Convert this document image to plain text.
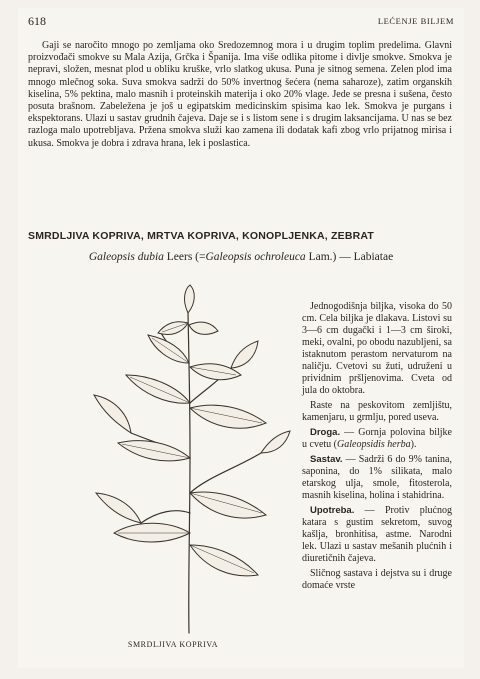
618	LEĆENJE BILJEM

Gaji se naročito mnogo po zemljama oko Sredozemnog mora i u drugim toplim predelima. Glavni proizvođači smokve su Mala Azija, Grčka i Španija. Ima više odlika pitome i divlje smokve. Smokva je nepravi, složen, mesnat plod u obliku kruške, vrlo slatkog ukusa. Puna je sitnog semena. Zelen plod ima mnogo mlečnog soka. Suva smokva sadrži do 50% invertnog šećera (nema saharoze), zatim organskih kiselina, 5% pektina, malo masnih i proteinskih materija i oko 20% vlage. Jede se presna i sušena, često posuta brašnom. Zabeležena je još u egipatskim medicinskim spisima kao lek. Smokva je purgans i ekspektorans. Ulazi u sastav grudnih čajeva. Daje se i s listom sene i s drugim laksancijama. U nas se bez razloga malo upotrebljava. Pržena smokva služi kao zamena ili dodatak kafi zbog vrlo prijatnog mirisa i ukusa. Smokva je dobra i zdrava hrana, lek i poslastica.

SMRDLJIVA KOPRIVA, MRTVA KOPRIVA, KONOPLJENKA, ZEBRAT
Galeopsis dubia Leers (=Galeopsis ochroleuca Lam.) — Labiatae
SMRDLJIVA KOPRIVA

Jednogodišnja biljka, visoka do 50 cm. Cela biljka je dlakava. Listovi su 3—6 cm dugački i 1—3 cm široki, meki, ovalni, po obodu nazubljeni, sa istaknutom perastom nervaturom na naličju. Cvetovi su žuti, udruženi u prividnim pršljenovima. Cveta od jula do oktobra.

Raste na peskovitom zemljištu, kamenjaru, u grmlju, pored useva.

Droga. — Gornja polovina biljke u cvetu (Galeopsidis herba).

Sastav. — Sadrži 6 do 9% tanina, saponina, do 1% silikata, malo etarskog ulja, smole, fitosterola, masnih kiselina, holina i stahidrina.

Upotreba. — Protiv plućnog katara s gustim sekretom, suvog kašlja, bronhitisa, astme. Narodni lek. Ulazi u sastav mešanih plućnih i diuretičnih čajeva.

Sličnog sastava i dejstva su i druge domaće vrste
